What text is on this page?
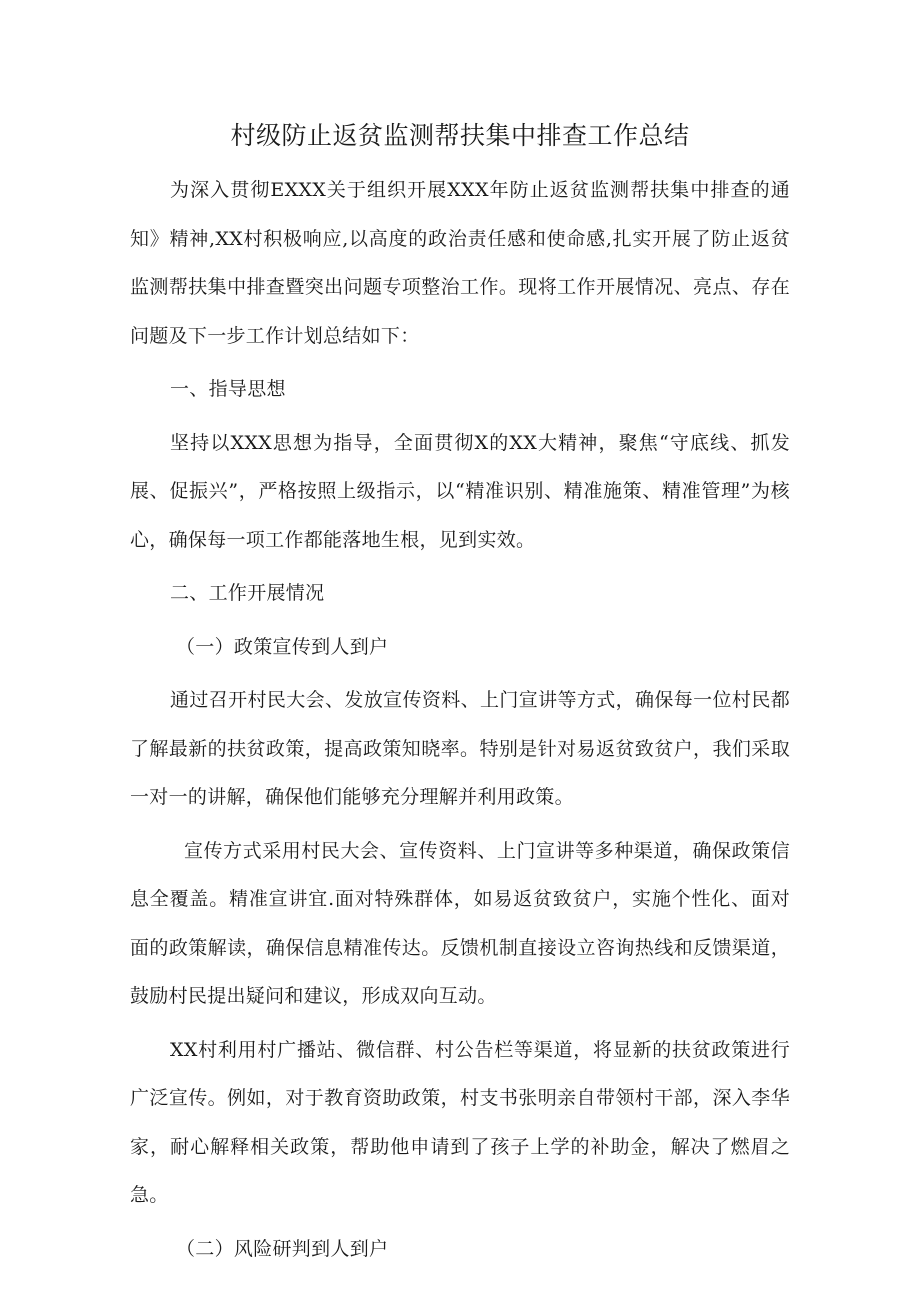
村级防止返贫监测帮扶集中排查工作总结

为深入贯彻EXXX关于组织开展XXX年防止返贫监测帮扶集中排查的通知》精神,XX村积极响应,以高度的政治责任感和使命感,扎实开展了防止返贫监测帮扶集中排查暨突出问题专项整治工作。现将工作开展情况、亮点、存在问题及下一步工作计划总结如下：

一、指导思想

坚持以XXX思想为指导，全面贯彻X的XX大精神，聚焦“守底线、抓发展、促振兴”，严格按照上级指示，以“精准识别、精准施策、精准管理”为核心，确保每一项工作都能落地生根，见到实效。

二、工作开展情况

（一）政策宣传到人到户

通过召开村民大会、发放宣传资料、上门宣讲等方式，确保每一位村民都了解最新的扶贫政策，提高政策知晓率。特别是针对易返贫致贫户，我们采取一对一的讲解，确保他们能够充分理解并利用政策。

宣传方式采用村民大会、宣传资料、上门宣讲等多种渠道，确保政策信息全覆盖。精准宣讲宜.面对特殊群体，如易返贫致贫户，实施个性化、面对面的政策解读，确保信息精准传达。反馈机制直接设立咨询热线和反馈渠道，鼓励村民提出疑问和建议，形成双向互动。

XX村利用村广播站、微信群、村公告栏等渠道，将显新的扶贫政策进行广泛宣传。例如，对于教育资助政策，村支书张明亲自带领村干部，深入李华家，耐心解释相关政策，帮助他申请到了孩子上学的补助金，解决了燃眉之急。

（二）风险研判到人到户
